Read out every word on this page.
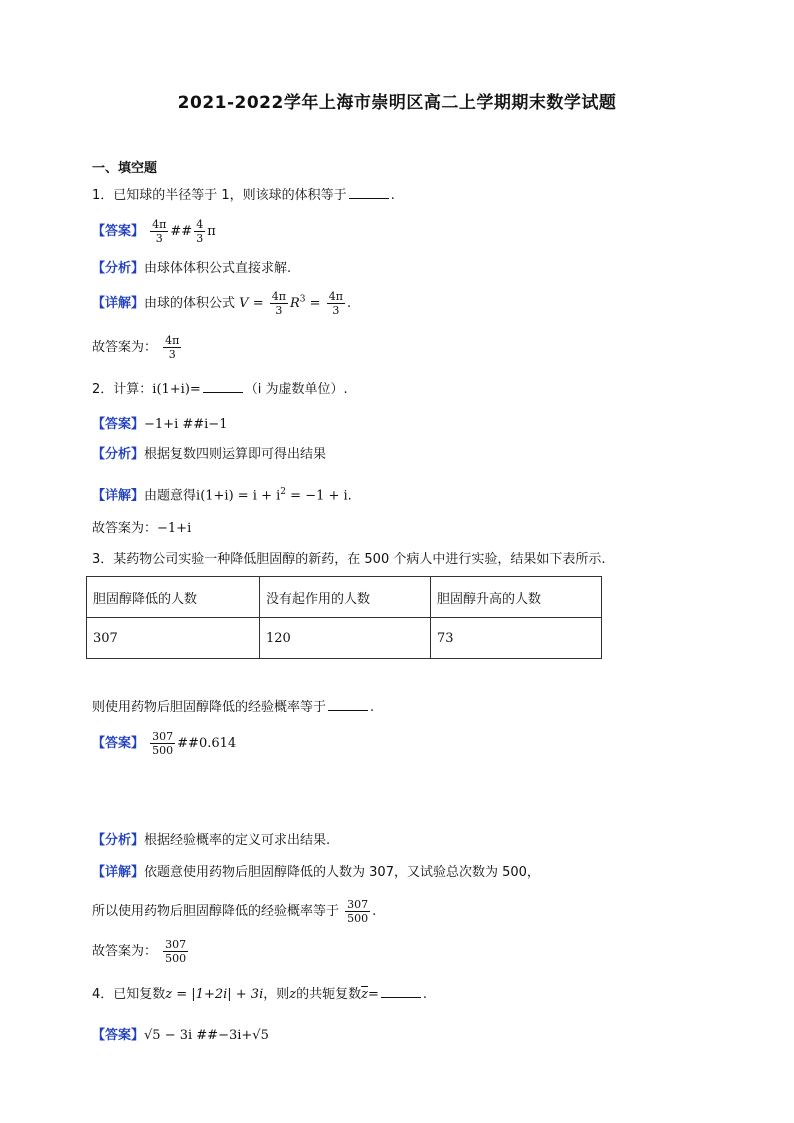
2021-2022学年上海市崇明区高二上学期期末数学试题
一、填空题
1．已知球的半径等于 1，则该球的体积等于	.
【答案】 $\frac{4\pi}{3}$ ## $\frac{4}{3}$ π
【分析】由球体体积公式直接求解.
【详解】由球的体积公式 $V = \frac{4\pi}{3} R^3 = \frac{4\pi}{3}$ .
故答案为： $\frac{4\pi}{3}$
2．计算：i(1+i)=	（i 为虚数单位）.
【答案】−1+i ##i−1
【分析】根据复数四则运算即可得出结果
【详解】由题意得$i(1+i) = i + i^2 = -1 + i$.
故答案为：−1+i
3．某药物公司实验一种降低胆固醇的新药，在 500 个病人中进行实验，结果如下表所示.
胆固醇降低的人数	没有起作用的人数	胆固醇升高的人数
307	120	73
则使用药物后胆固醇降低的经验概率等于	.
【答案】 $\frac{307}{500}$ ##0.614
【分析】根据经验概率的定义可求出结果.
【详解】依题意使用药物后胆固醇降低的人数为 307，又试验总次数为 500，
所以使用药物后胆固醇降低的经验概率等于 $\frac{307}{500}$ .
故答案为： $\frac{307}{500}$
4．已知复数z = |1+2i| + 3i，则z的共轭复数$\overline{z}=$	.
【答案】√5 − 3i ##−3i+√5
